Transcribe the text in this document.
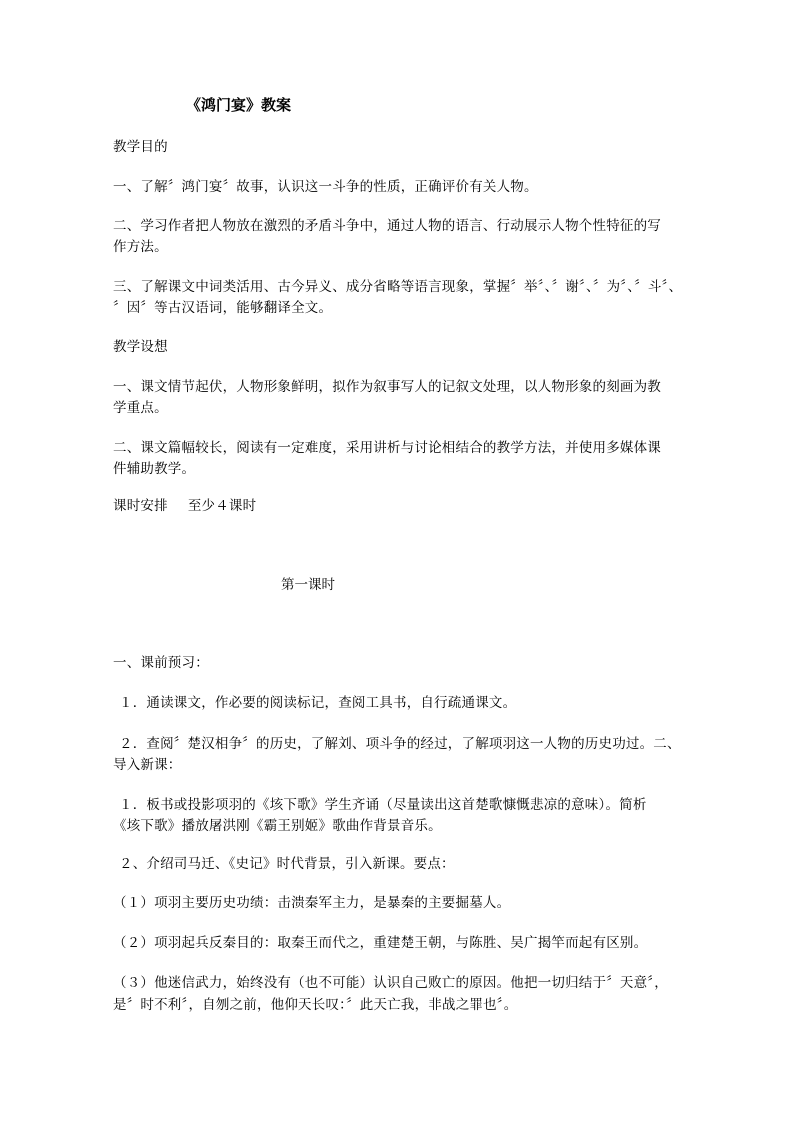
《鸿门宴》教案
教学目的
一、了解〞鸿门宴〞故事，认识这一斗争的性质，正确评价有关人物。
二、学习作者把人物放在激烈的矛盾斗争中，通过人物的语言、行动展示人物个性特征的写
作方法。
三、了解课文中词类活用、古今异义、成分省略等语言现象，掌握〞举〞、〞谢〞、〞为〞、〞斗〞、
〞因〞等古汉语词，能够翻译全文。
教学设想
一、课文情节起伏，人物形象鲜明，拟作为叙事写人的记叙文处理，以人物形象的刻画为教
学重点。
二、课文篇幅较长，阅读有一定难度，采用讲析与讨论相结合的教学方法，并使用多媒体课
件辅助教学。
课时安排 至少４课时
第一课时
一、课前预习：
１．通读课文，作必要的阅读标记，查阅工具书，自行疏通课文。
２．查阅〞楚汉相争〞的历史，了解刘、项斗争的经过，了解项羽这一人物的历史功过。二、
导入新课：
１．板书或投影项羽的《垓下歌》学生齐诵（尽量读出这首楚歌慷慨悲凉的意味）。简析
《垓下歌》播放屠洪刚《霸王别姬》歌曲作背景音乐。
２、介绍司马迁、《史记》时代背景，引入新课。要点：
（１）项羽主要历史功绩：击溃秦军主力，是暴秦的主要掘墓人。
（２）项羽起兵反秦目的：取秦王而代之，重建楚王朝，与陈胜、吴广揭竿而起有区别。
（３）他迷信武力，始终没有（也不可能）认识自己败亡的原因。他把一切归结于〞天意〞，
是〞时不利〞，自刎之前，他仰天长叹：〞此天亡我，非战之罪也〞。
